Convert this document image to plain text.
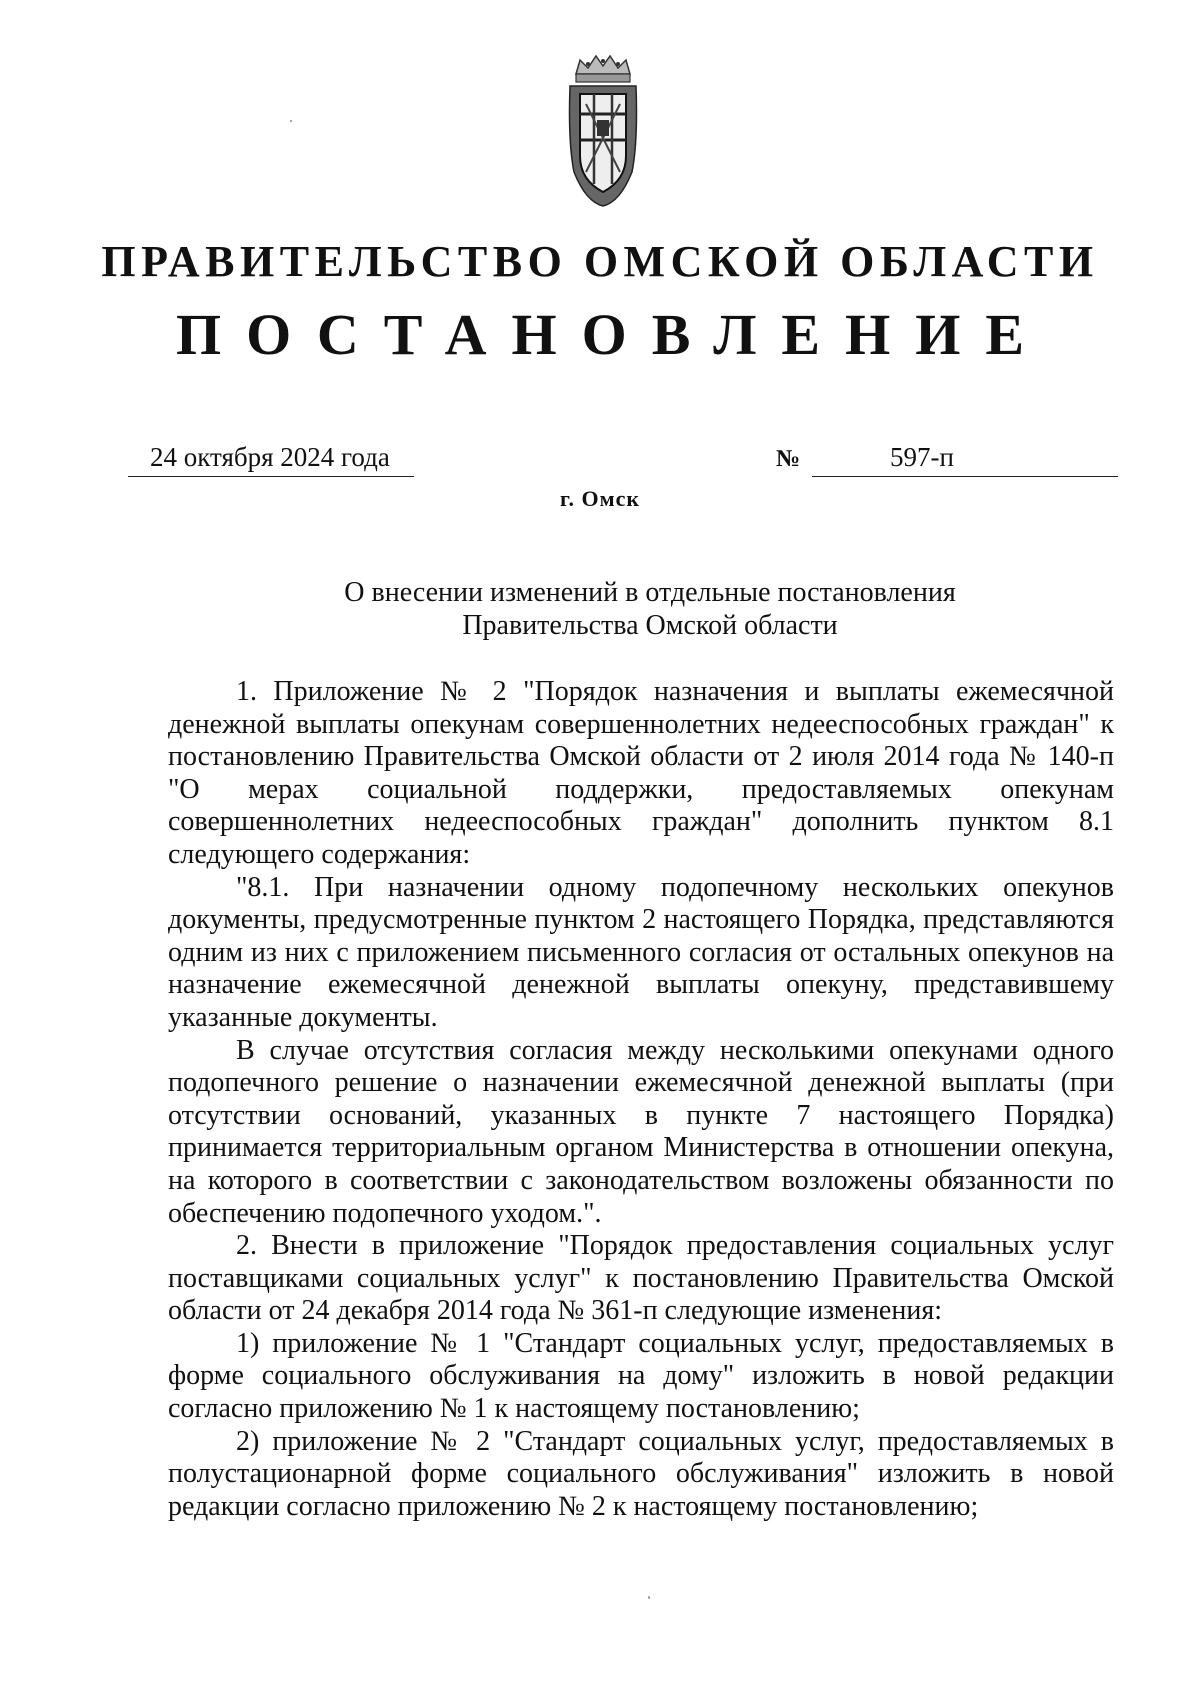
ПРАВИТЕЛЬСТВО ОМСКОЙ ОБЛАСТИ
ПОСТАНОВЛЕНИЕ
24 октября 2024 года	№	597-п
г. Омск
О внесении изменений в отдельные постановления
Правительства Омской области

1. Приложение № 2 "Порядок назначения и выплаты ежемесячной денежной выплаты опекунам совершеннолетних недееспособных граждан" к постановлению Правительства Омской области от 2 июля 2014 года № 140-п "О мерах социальной поддержки, предоставляемых опекунам совершеннолетних недееспособных граждан" дополнить пунктом 8.1 следующего содержания:

"8.1. При назначении одному подопечному нескольких опекунов документы, предусмотренные пунктом 2 настоящего Порядка, представляются одним из них с приложением письменного согласия от остальных опекунов на назначение ежемесячной денежной выплаты опекуну, представившему указанные документы.

В случае отсутствия согласия между несколькими опекунами одного подопечного решение о назначении ежемесячной денежной выплаты (при отсутствии оснований, указанных в пункте 7 настоящего Порядка) принимается территориальным органом Министерства в отношении опекуна, на которого в соответствии с законодательством возложены обязанности по обеспечению подопечного уходом.".

2. Внести в приложение "Порядок предоставления социальных услуг поставщиками социальных услуг" к постановлению Правительства Омской области от 24 декабря 2014 года № 361-п следующие изменения:

1) приложение № 1 "Стандарт социальных услуг, предоставляемых в форме социального обслуживания на дому" изложить в новой редакции согласно приложению № 1 к настоящему постановлению;

2) приложение № 2 "Стандарт социальных услуг, предоставляемых в полустационарной форме социального обслуживания" изложить в новой редакции согласно приложению № 2 к настоящему постановлению;
